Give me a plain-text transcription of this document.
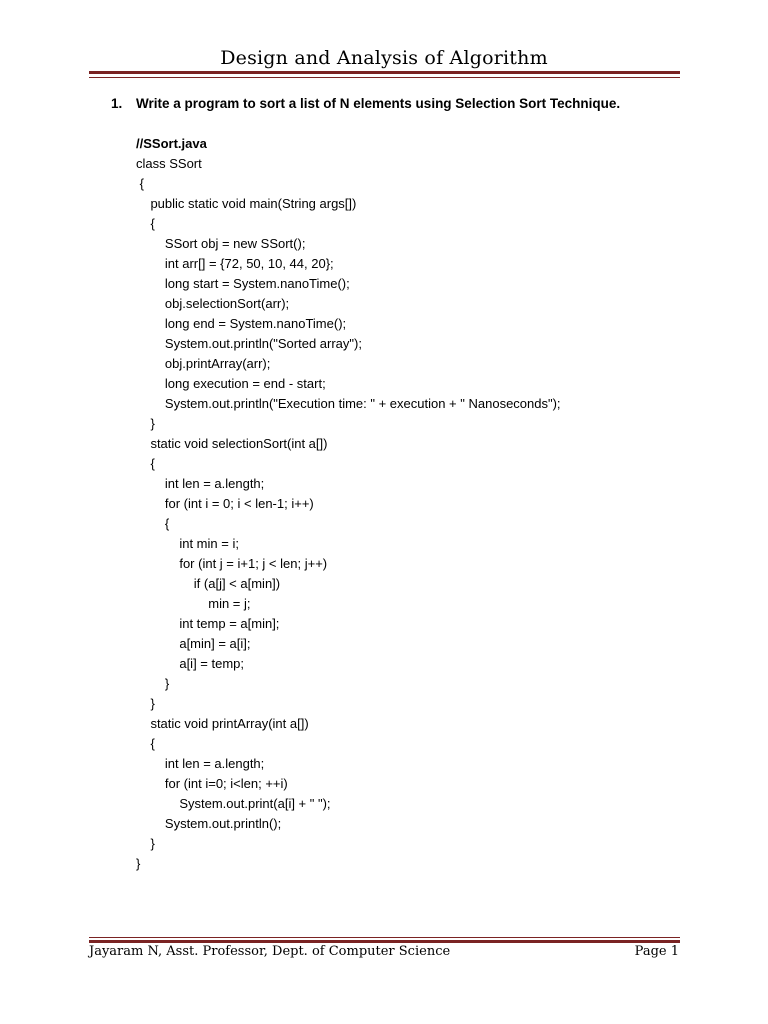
Design and Analysis of Algorithm
1. Write a program to sort a list of N elements using Selection Sort Technique.
//SSort.java
class SSort
{
public static void main(String args[])
{
SSort obj = new SSort();
int arr[] = {72, 50, 10, 44, 20};
long start = System.nanoTime();
obj.selectionSort(arr);
long end = System.nanoTime();
System.out.println("Sorted array");
obj.printArray(arr);
long execution = end - start;
System.out.println("Execution time: " + execution + " Nanoseconds");
}
static void selectionSort(int a[])
{
int len = a.length;
for (int i = 0; i < len-1; i++)
{
int min = i;
for (int j = i+1; j < len; j++)
if (a[j] < a[min])
min = j;
int temp = a[min];
a[min] = a[i];
a[i] = temp;
}
}
static void printArray(int a[])
{
int len = a.length;
for (int i=0; i<len; ++i)
System.out.print(a[i] + " ");
System.out.println();
}
}
Jayaram N, Asst. Professor, Dept. of Computer Science	Page 1
